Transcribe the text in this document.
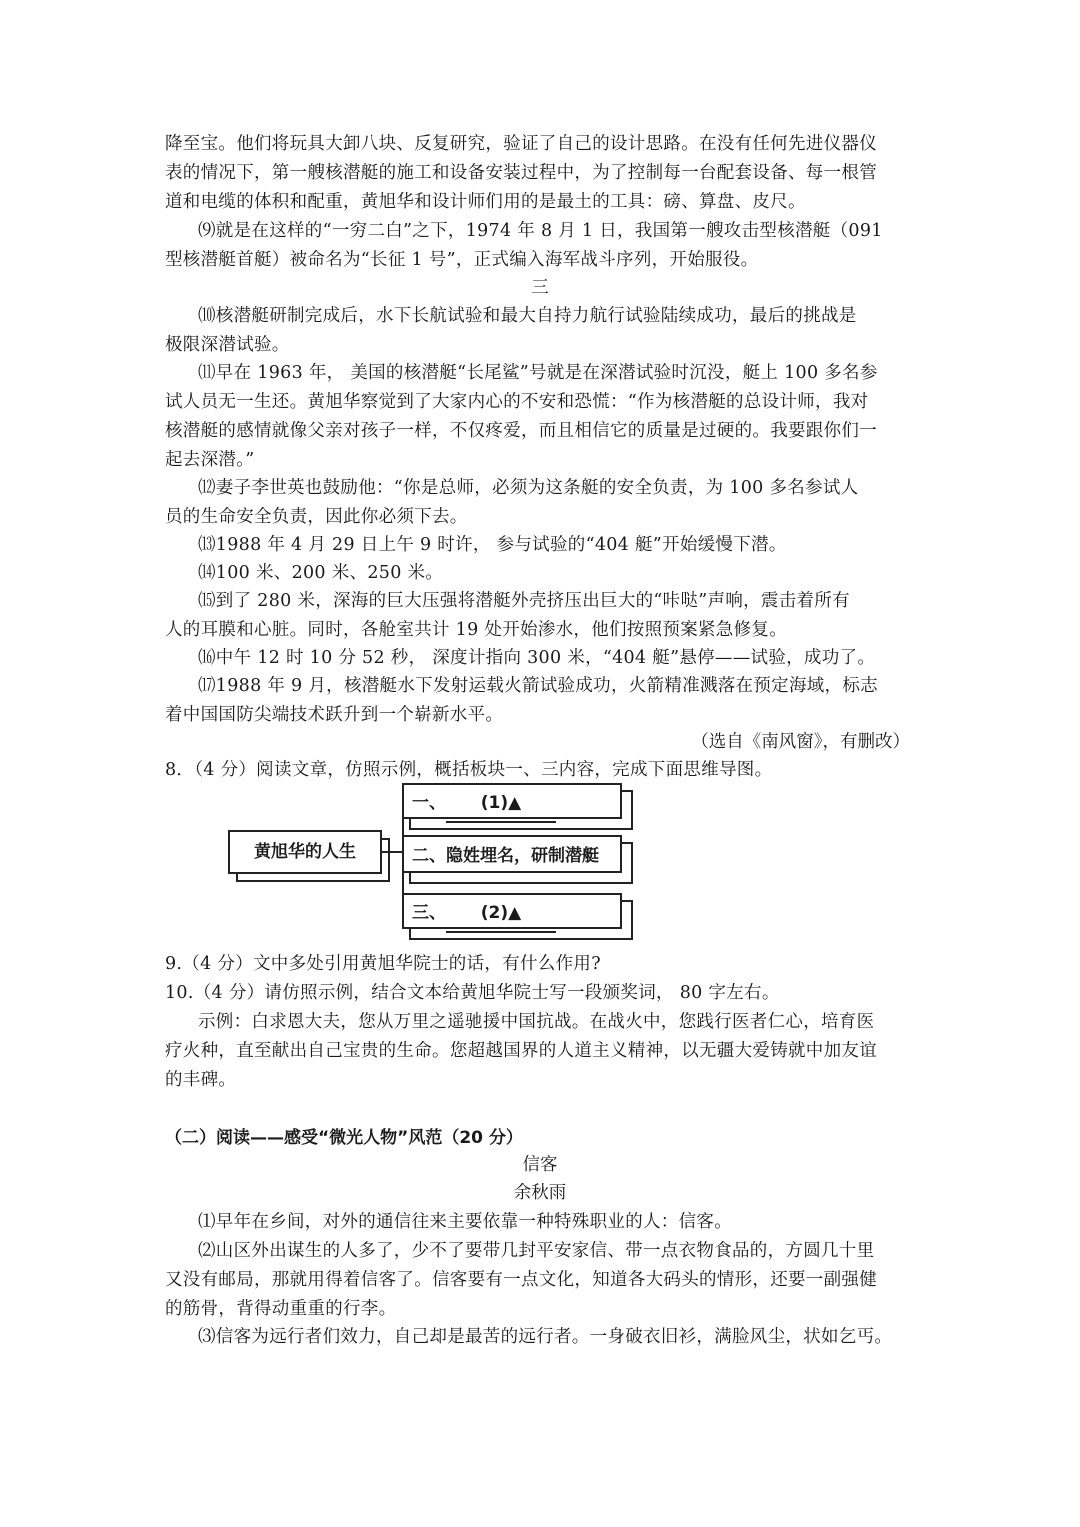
降至宝。他们将玩具大卸八块、反复研究，验证了自己的设计思路。在没有任何先进仪器仪
表的情况下，第一艘核潜艇的施工和设备安装过程中，为了控制每一台配套设备、每一根管
道和电缆的体积和配重，黄旭华和设计师们用的是最土的工具：磅、算盘、皮尺。
⑼就是在这样的“一穷二白”之下，1974 年 8 月 1 日，我国第一艘攻击型核潜艇（091
型核潜艇首艇）被命名为“长征 1 号”，正式编入海军战斗序列，开始服役。
三
⑽核潜艇研制完成后，水下长航试验和最大自持力航行试验陆续成功，最后的挑战是
极限深潜试验。
⑾早在 1963 年， 美国的核潜艇“长尾鲨”号就是在深潜试验时沉没，艇上 100 多名参
试人员无一生还。黄旭华察觉到了大家内心的不安和恐慌：“作为核潜艇的总设计师，我对
核潜艇的感情就像父亲对孩子一样，不仅疼爱，而且相信它的质量是过硬的。我要跟你们一
起去深潜。”
⑿妻子李世英也鼓励他：“你是总师，必须为这条艇的安全负责，为 100 多名参试人
员的生命安全负责，因此你必须下去。
⒀1988 年 4 月 29 日上午 9 时许， 参与试验的“404 艇”开始缓慢下潜。
⒁100 米、200 米、250 米。
⒂到了 280 米，深海的巨大压强将潜艇外壳挤压出巨大的“咔哒”声响，震击着所有
人的耳膜和心脏。同时，各舱室共计 19 处开始渗水，他们按照预案紧急修复。
⒃中午 12 时 10 分 52 秒， 深度计指向 300 米，“404 艇”悬停——试验，成功了。
⒄1988 年 9 月，核潜艇水下发射运载火箭试验成功，火箭精准溅落在预定海域，标志
着中国国防尖端技术跃升到一个崭新水平。
（选自《南风窗》，有删改）
8．（4 分）阅读文章，仿照示例，概括板块一、三内容，完成下面思维导图。
黄旭华的人生
一、 (1)▲
二、隐姓埋名，研制潜艇
三、 (2)▲
9.（4 分）文中多处引用黄旭华院士的话，有什么作用?
10.（4 分）请仿照示例，结合文本给黄旭华院士写一段颁奖词， 80 字左右。
示例：白求恩大夫，您从万里之遥驰援中国抗战。在战火中，您践行医者仁心，培育医
疗火种，直至献出自己宝贵的生命。您超越国界的人道主义精神，以无疆大爱铸就中加友谊
的丰碑。
（二）阅读——感受“微光人物”风范（20 分）
信客
余秋雨
⑴早年在乡间，对外的通信往来主要依靠一种特殊职业的人：信客。
⑵山区外出谋生的人多了，少不了要带几封平安家信、带一点衣物食品的，方圆几十里
又没有邮局，那就用得着信客了。信客要有一点文化，知道各大码头的情形，还要一副强健
的筋骨，背得动重重的行李。
⑶信客为远行者们效力，自己却是最苦的远行者。一身破衣旧衫，满脸风尘，状如乞丐。
